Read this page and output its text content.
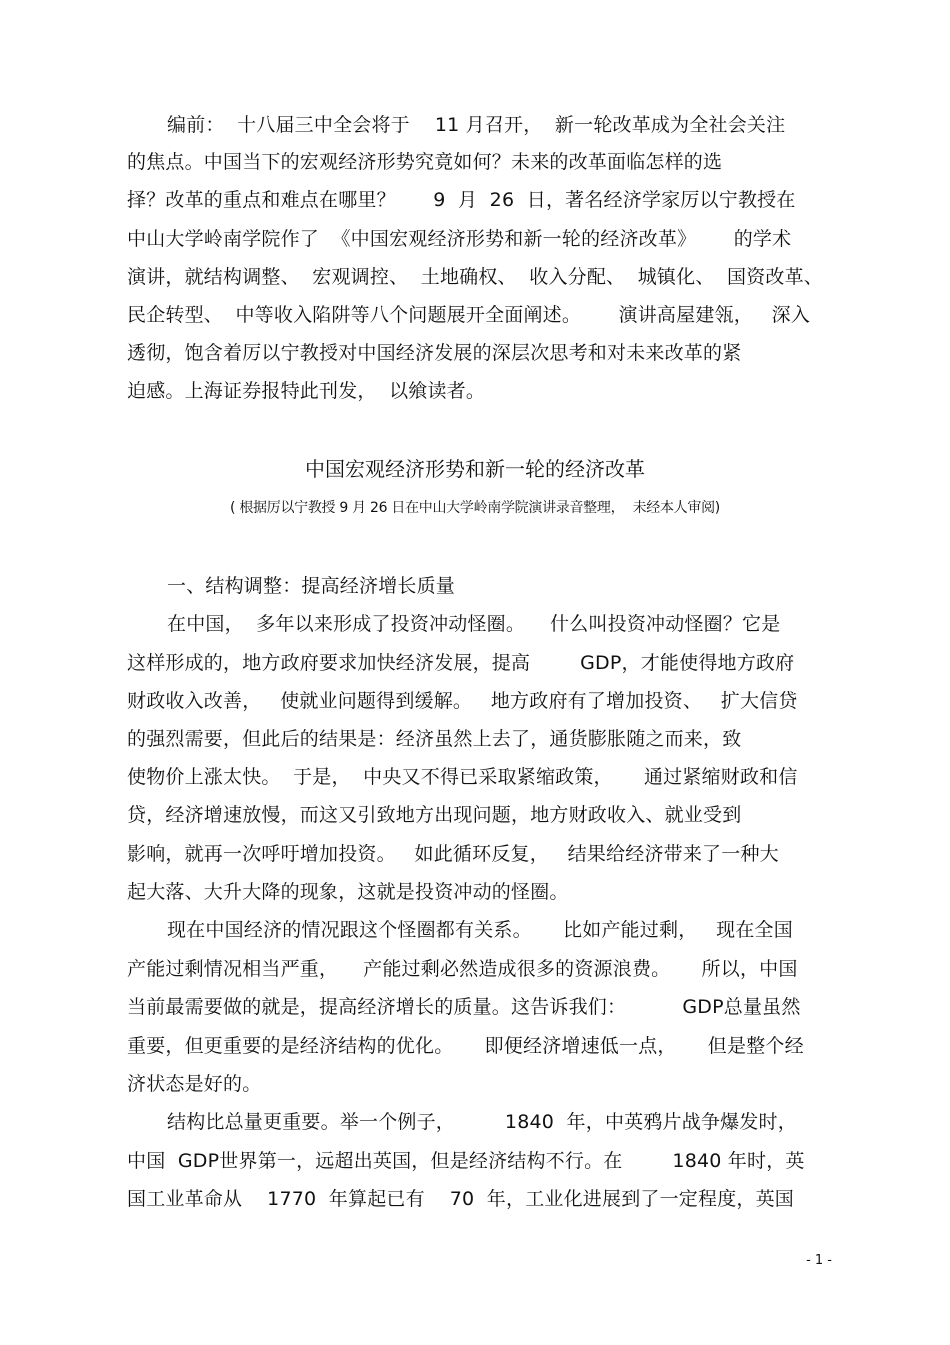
编前：  十八届三中全会将于    11 月召开，  新一轮改革成为全社会关注
的焦点。中国当下的宏观经济形势究竟如何？未来的改革面临怎样的选
择？改革的重点和难点在哪里？      9  月  26  日，著名经济学家厉以宁教授在
中山大学岭南学院作了  《中国宏观经济形势和新一轮的经济改革》      的学术
演讲，就结构调整、  宏观调控、  土地确权、  收入分配、  城镇化、  国资改革、
民企转型、  中等收入陷阱等八个问题展开全面阐述。      演讲高屋建瓴，   深入
透彻，饱含着厉以宁教授对中国经济发展的深层次思考和对未来改革的紧
迫感。上海证券报特此刊发，  以飨读者。
中国宏观经济形势和新一轮的经济改革
( 根据厉以宁教授 9 月 26 日在中山大学岭南学院演讲录音整理，  未经本人审阅)
一、结构调整：提高经济增长质量
在中国，  多年以来形成了投资冲动怪圈。    什么叫投资冲动怪圈？它是
这样形成的，地方政府要求加快经济发展，提高        GDP，才能使得地方政府
财政收入改善，   使就业问题得到缓解。   地方政府有了增加投资、   扩大信贷
的强烈需要，但此后的结果是：经济虽然上去了，通货膨胀随之而来，致
使物价上涨太快。  于是，  中央又不得已采取紧缩政策，     通过紧缩财政和信
贷，经济增速放慢，而这又引致地方出现问题，地方财政收入、就业受到
影响，就再一次呼吁增加投资。   如此循环反复，   结果给经济带来了一种大
起大落、大升大降的现象，这就是投资冲动的怪圈。
现在中国经济的情况跟这个怪圈都有关系。     比如产能过剩，   现在全国
产能过剩情况相当严重，    产能过剩必然造成很多的资源浪费。     所以，中国
当前最需要做的就是，提高经济增长的质量。这告诉我们：         GDP总量虽然
重要，但更重要的是经济结构的优化。     即便经济增速低一点，     但是整个经
济状态是好的。
结构比总量更重要。举一个例子，        1840  年，中英鸦片战争爆发时，
中国  GDP世界第一，远超出英国，但是经济结构不行。在        1840 年时，英
国工业革命从    1770  年算起已有    70  年，工业化进展到了一定程度，英国
- 1 -
